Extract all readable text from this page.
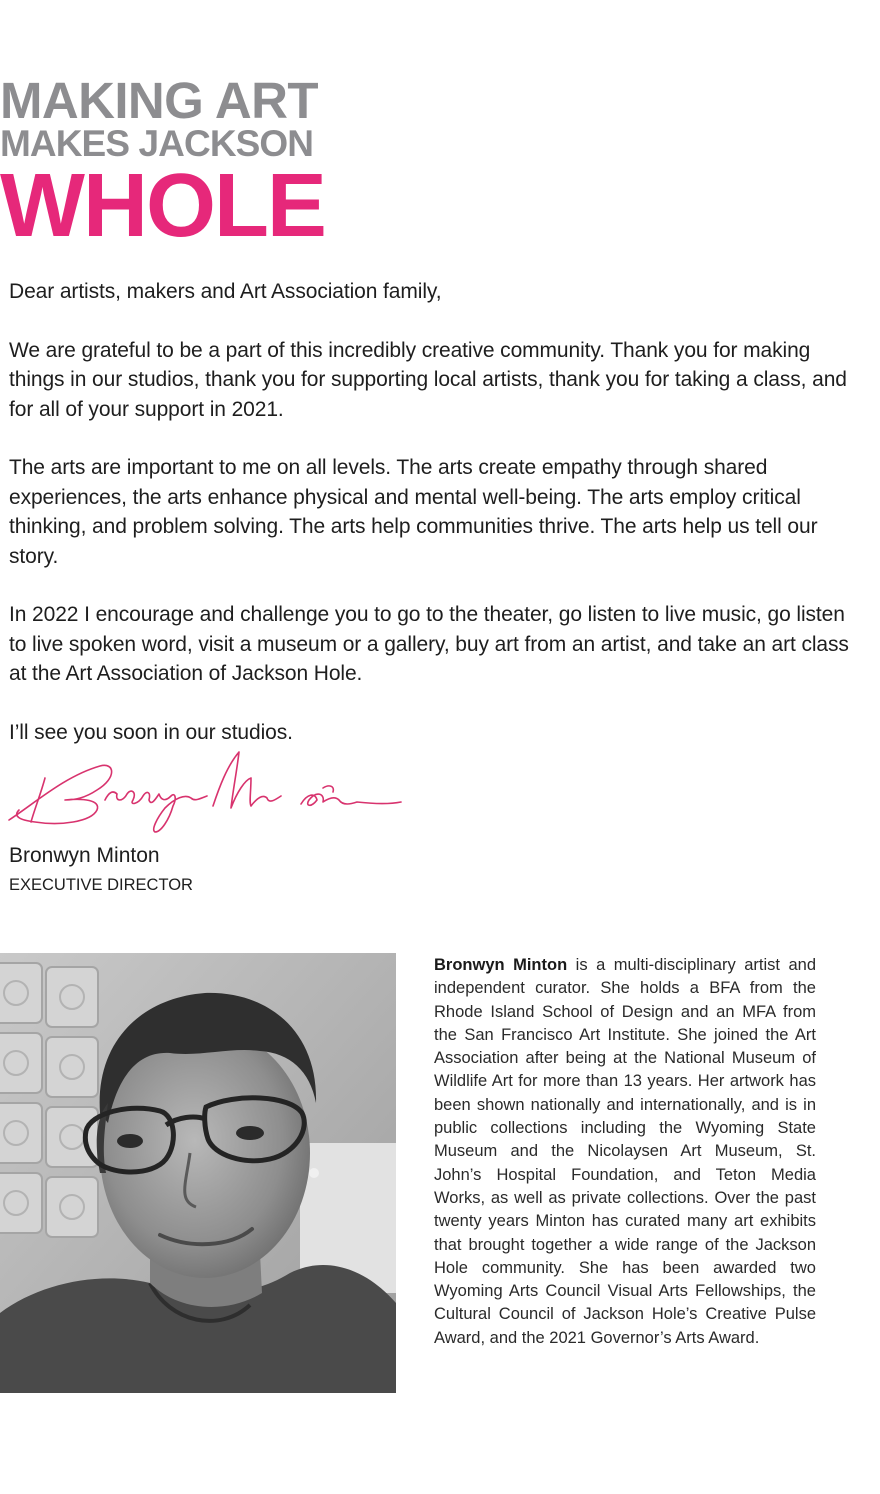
MAKING ART
MAKES JACKSON
WHOLE

Dear artists, makers and Art Association family,

We are grateful to be a part of this incredibly creative community. Thank you for making things in our studios, thank you for supporting local artists, thank you for taking a class, and for all of your support in 2021.

The arts are important to me on all levels. The arts create empathy through shared experiences, the arts enhance physical and mental well-being. The arts employ critical thinking, and problem solving. The arts help communities thrive. The arts help us tell our story.

In 2022 I encourage and challenge you to go to the theater, go listen to live music, go listen to live spoken word, visit a museum or a gallery, buy art from an artist, and take an art class at the Art Association of Jackson Hole.

I’ll see you soon in our studios.

Bronwyn Minton
EXECUTIVE DIRECTOR
Bronwyn Minton is a multi-disciplinary artist and independent curator. She holds a BFA from the Rhode Island School of Design and an MFA from the San Francisco Art Institute. She joined the Art Association after being at the National Museum of Wildlife Art for more than 13 years. Her artwork has been shown nationally and internationally, and is in public collections including the Wyoming State Museum and the Nicolaysen Art Museum, St. John’s Hospital Foundation, and Teton Media Works, as well as private collections. Over the past twenty years Minton has curated many art exhibits that brought together a wide range of the Jackson Hole community. She has been awarded two Wyoming Arts Council Visual Arts Fellowships, the Cultural Council of Jackson Hole’s Creative Pulse Award, and the 2021 Governor’s Arts Award.
